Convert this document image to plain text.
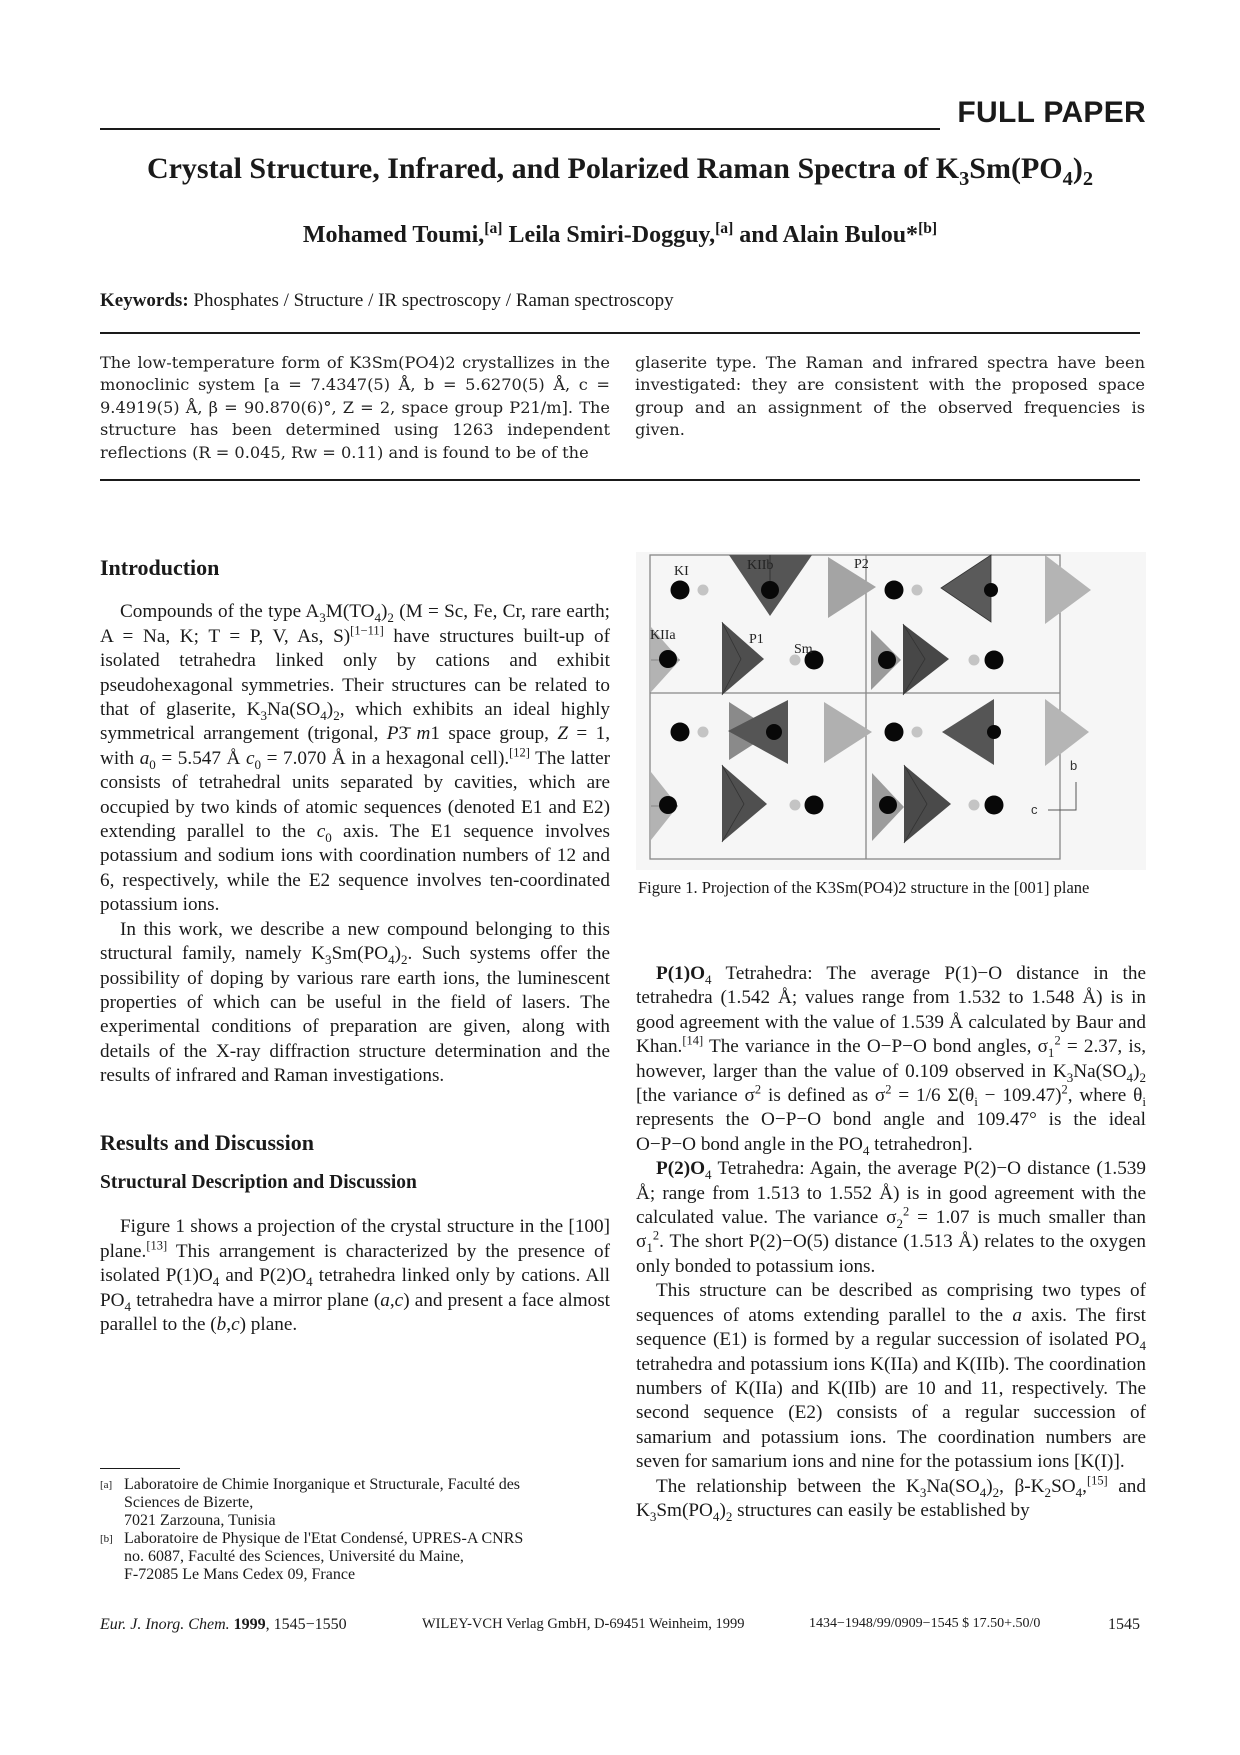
FULL PAPER
Crystal Structure, Infrared, and Polarized Raman Spectra of $K_3Sm(PO_4)_2$
Mohamed Toumi,[a] Leila Smiri-Dogguy,[a] and Alain Bulou*[b]
Keywords: Phosphates / Structure / IR spectroscopy / Raman spectroscopy
The low-temperature form of K3Sm(PO4)2 crystallizes in the monoclinic system [a = 7.4347(5) Å, b = 5.6270(5) Å, c = 9.4919(5) Å, β = 90.870(6)°, Z = 2, space group P21/m]. The structure has been determined using 1263 independent reflections (R = 0.045, Rw = 0.11) and is found to be of the
glaserite type. The Raman and infrared spectra have been investigated: they are consistent with the proposed space group and an assignment of the observed frequencies is given.
Introduction

Compounds of the type $A_3M(TO_4)_2$ (M = Sc, Fe, Cr, rare earth; A = Na, K; T = P, V, As, S)[1−11] have structures built-up of isolated tetrahedra linked only by cations and exhibit pseudohexagonal symmetries. Their structures can be related to that of glaserite, $K_3Na(SO_4)_2$, which exhibits an ideal highly symmetrical arrangement (trigonal, P3̄ m1 space group, Z = 1, with $a_0 = 5.547$ Å $c_0 = 7.070$ Å in a hexagonal cell).[12] The latter consists of tetrahedral units separated by cavities, which are occupied by two kinds of atomic sequences (denoted E1 and E2) extending parallel to the $c_0$ axis. The E1 sequence involves potassium and sodium ions with coordination numbers of 12 and 6, respectively, while the E2 sequence involves ten-coordinated potassium ions.

In this work, we describe a new compound belonging to this structural family, namely $K_3Sm(PO_4)_2$. Such systems offer the possibility of doping by various rare earth ions, the luminescent properties of which can be useful in the field of lasers. The experimental conditions of preparation are given, along with details of the X-ray diffraction structure determination and the results of infrared and Raman investigations.

Results and Discussion
Structural Description and Discussion

Figure 1 shows a projection of the crystal structure in the [100] plane.[13] This arrangement is characterized by the presence of isolated $P(1)O_4$ and $P(2)O_4$ tetrahedra linked only by cations. All $PO_4$ tetrahedra have a mirror plane (a,c) and present a face almost parallel to the (b,c) plane.

[a] Laboratoire de Chimie Inorganique et Structurale, Faculté des
Sciences de Bizerte,
7021 Zarzouna, Tunisia
[b] Laboratoire de Physique de l'Etat Condensé, UPRES-A CNRS
no. 6087, Faculté des Sciences, Université du Maine,
F-72085 Le Mans Cedex 09, France
KI	KIIb	P2
KIIa	P1
Sm
b
c
Figure 1. Projection of the K3Sm(PO4)2 structure in the [001] plane

$P(1)O_4$ Tetrahedra: The average P(1)−O distance in the tetrahedra (1.542 Å; values range from 1.532 to 1.548 Å) is in good agreement with the value of 1.539 Å calculated by Baur and Khan.[14] The variance in the O−P−O bond angles, $\sigma_1^2 = 2.37$, is, however, larger than the value of 0.109 observed in $K_3Na(SO_4)_2$ [the variance $\sigma^2$ is defined as $\sigma^2 = 1/6$ $\Sigma(\theta_i - 109.47)^2$, where $\theta_i$ represents the O−P−O bond angle and 109.47° is the ideal O−P−O bond angle in the $PO_4$ tetrahedron].

$P(2)O_4$ Tetrahedra: Again, the average P(2)−O distance (1.539 Å; range from 1.513 to 1.552 Å) is in good agreement with the calculated value. The variance $\sigma_2^2 = 1.07$ is much smaller than $\sigma_1^2$. The short P(2)−O(5) distance (1.513 Å) relates to the oxygen only bonded to potassium ions.

This structure can be described as comprising two types of sequences of atoms extending parallel to the a axis. The first sequence (E1) is formed by a regular succession of isolated $PO_4$ tetrahedra and potassium ions K(IIa) and K(IIb). The coordination numbers of K(IIa) and K(IIb) are 10 and 11, respectively. The second sequence (E2) consists of a regular succession of samarium and potassium ions. The coordination numbers are seven for samarium ions and nine for the potassium ions [K(I)].

The relationship between the $K_3Na(SO_4)_2$, $\beta-K_2SO_4,[15]$ and $K_3Sm(PO_4)_2$ structures can easily be established by

Eur. J. Inorg. Chem. 1999, 1545−1550	WILEY-VCH Verlag GmbH, D-69451 Weinheim, 1999	1434−1948/99/0909−1545 $ 17.50+.50/0	1545
